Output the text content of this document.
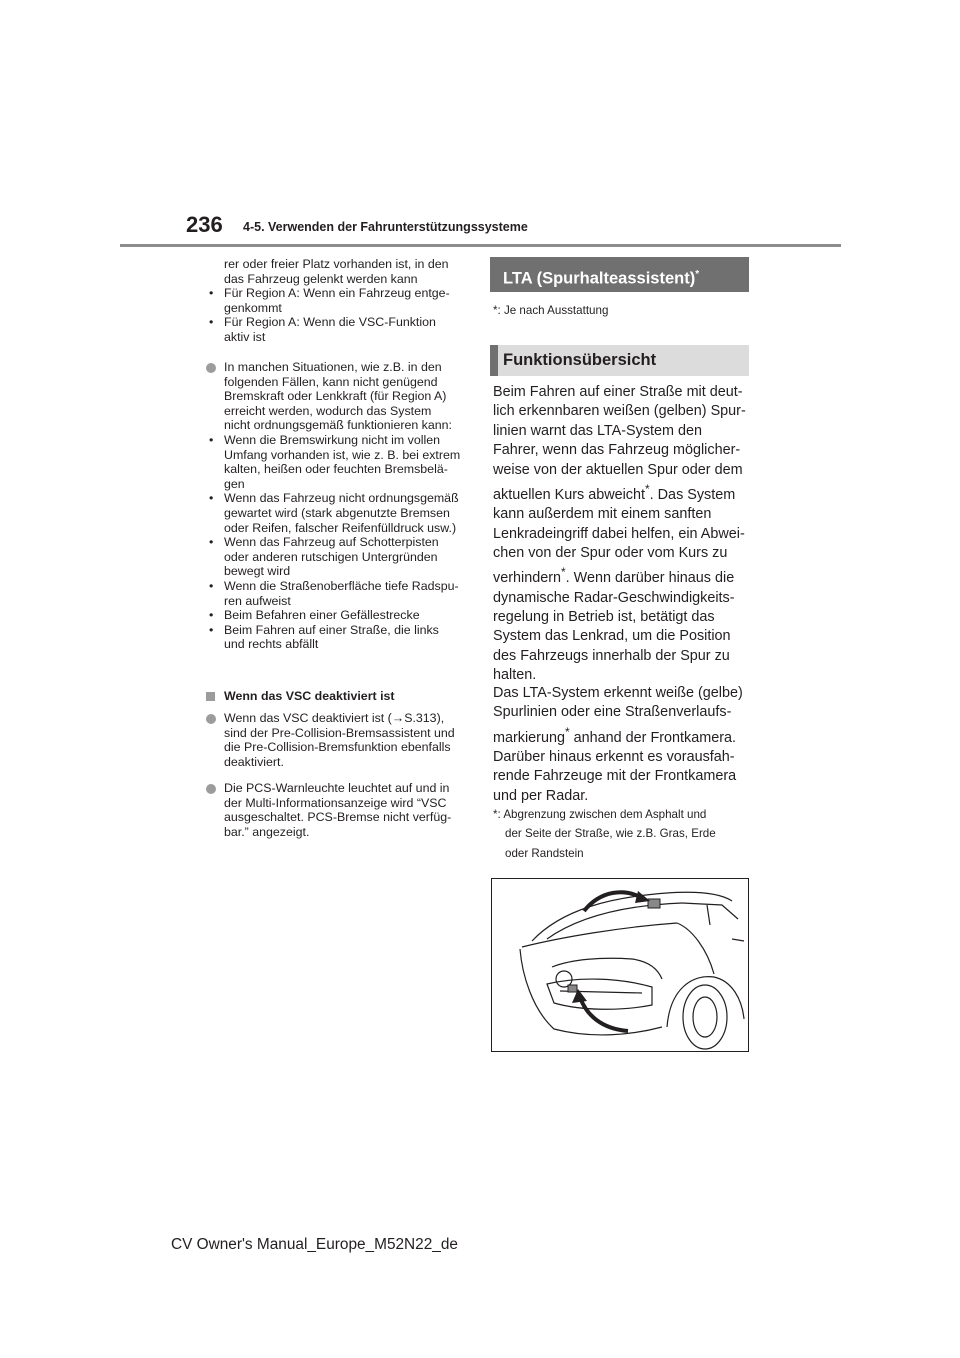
236 4-5. Verwenden der Fahrunterstützungssysteme

rer oder freier Platz vorhanden ist, in den

das Fahrzeug gelenkt werden kann

• Für Region A: Wenn ein Fahrzeug entge-

genkommt

• Für Region A: Wenn die VSC-Funktion

aktiv ist

In manchen Situationen, wie z.B. in den

folgenden Fällen, kann nicht genügend

Bremskraft oder Lenkkraft (für Region A)

erreicht werden, wodurch das System

nicht ordnungsgemäß funktionieren kann:

• Wenn die Bremswirkung nicht im vollen

Umfang vorhanden ist, wie z. B. bei extrem

kalten, heißen oder feuchten Bremsbelä-

gen

• Wenn das Fahrzeug nicht ordnungsgemäß

gewartet wird (stark abgenutzte Bremsen

oder Reifen, falscher Reifenfülldruck usw.)

• Wenn das Fahrzeug auf Schotterpisten

oder anderen rutschigen Untergründen

bewegt wird

• Wenn die Straßenoberfläche tiefe Radspu-

ren aufweist

• Beim Befahren einer Gefällestrecke

• Beim Fahren auf einer Straße, die links

und rechts abfällt

Wenn das VSC deaktiviert ist

Wenn das VSC deaktiviert ist (→S.313),

sind der Pre-Collision-Bremsassistent und

die Pre-Collision-Bremsfunktion ebenfalls

deaktiviert.

Die PCS-Warnleuchte leuchtet auf und in

der Multi-Informationsanzeige wird “VSC

ausgeschaltet. PCS-Bremse nicht verfüg-

bar.” angezeigt.

LTA (Spurhalteassistent)*
*: Je nach Ausstattung
Funktionsübersicht

Beim Fahren auf einer Straße mit deut-

lich erkennbaren weißen (gelben) Spur-

linien warnt das LTA-System den

Fahrer, wenn das Fahrzeug möglicher-

weise von der aktuellen Spur oder dem

aktuellen Kurs abweicht*. Das System

kann außerdem mit einem sanften

Lenkradeingriff dabei helfen, ein Abwei-

chen von der Spur oder vom Kurs zu

verhindern*. Wenn darüber hinaus die

dynamische Radar-Geschwindigkeits-

regelung in Betrieb ist, betätigt das

System das Lenkrad, um die Position

des Fahrzeugs innerhalb der Spur zu

halten.

Das LTA-System erkennt weiße (gelbe)

Spurlinien oder eine Straßenverlaufs-

markierung* anhand der Frontkamera.

Darüber hinaus erkennt es vorausfah-

rende Fahrzeuge mit der Frontkamera

und per Radar.

*: Abgrenzung zwischen dem Asphalt und

der Seite der Straße, wie z.B. Gras, Erde

oder Randstein

CV Owner's Manual_Europe_M52N22_de
